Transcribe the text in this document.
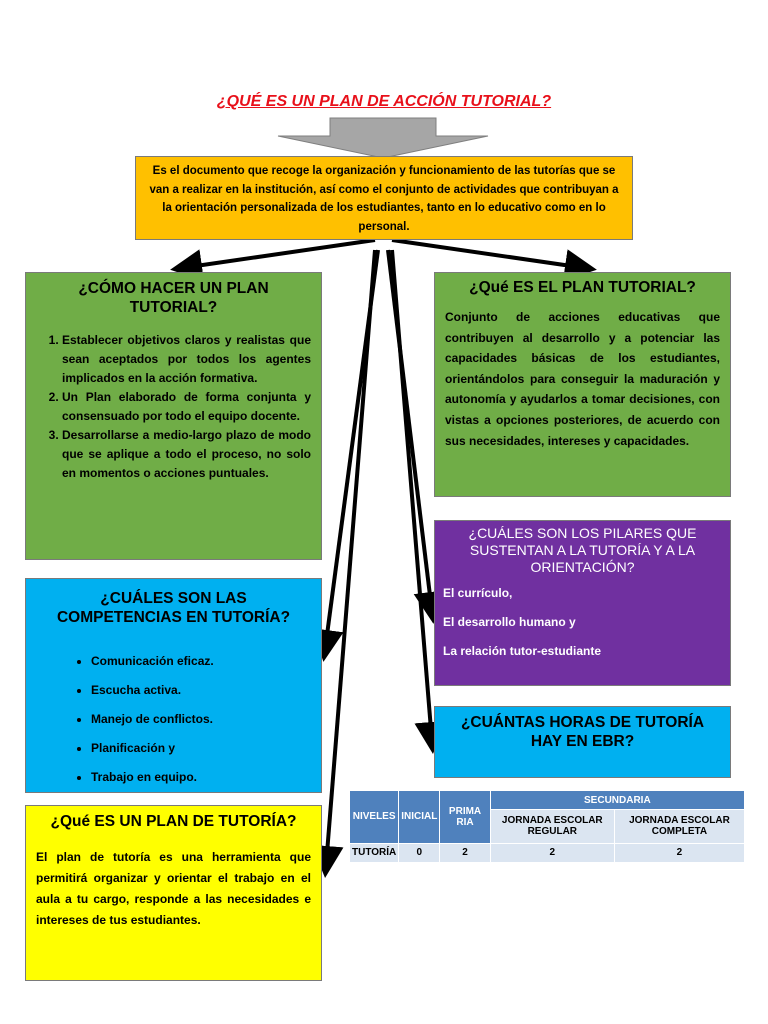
¿QUÉ ES UN PLAN DE ACCIÓN TUTORIAL?

Es el documento que recoge la organización y funcionamiento de las tutorías que se van a realizar en la institución, así como el conjunto de actividades que contribuyan a la orientación personalizada de los estudiantes, tanto en lo educativo como en lo personal.

¿CÓMO HACER UN PLAN TUTORIAL?
1. Establecer objetivos claros y realistas que sean aceptados por todos los agentes implicados en la acción formativa.
2. Un Plan elaborado de forma conjunta y consensuado por todo el equipo docente.
3. Desarrollarse a medio-largo plazo de modo que se aplique a todo el proceso, no solo en momentos o acciones puntuales.
¿Qué ES EL PLAN TUTORIAL?

Conjunto de acciones educativas que contribuyen al desarrollo y a potenciar las capacidades básicas de los estudiantes, orientándolos para conseguir la maduración y autonomía y ayudarlos a tomar decisiones, con vistas a opciones posteriores, de acuerdo con sus necesidades, intereses y capacidades.

¿CUÁLES SON LOS PILARES QUE SUSTENTAN A LA TUTORÍA Y A LA ORIENTACIÓN?
El currículo,
El desarrollo humano y
La relación tutor-estudiante
¿CUÁLES SON LAS COMPETENCIAS EN TUTORÍA?
• Comunicación eficaz.
• Escucha activa.
• Manejo de conflictos.
• Planificación y
• Trabajo en equipo.
¿CUÁNTAS HORAS DE TUTORÍA HAY EN EBR?
NIVELES	INICIAL	PRIMA RIA	SECUNDARIA	
			JORNADA ESCOLAR REGULAR	JORNADA ESCOLAR COMPLETA
TUTORÍA	0	2	2	2
¿Qué ES UN PLAN DE TUTORÍA?

El plan de tutoría es una herramienta que permitirá organizar y orientar el trabajo en el aula a tu cargo, responde a las necesidades e intereses de tus estudiantes.
